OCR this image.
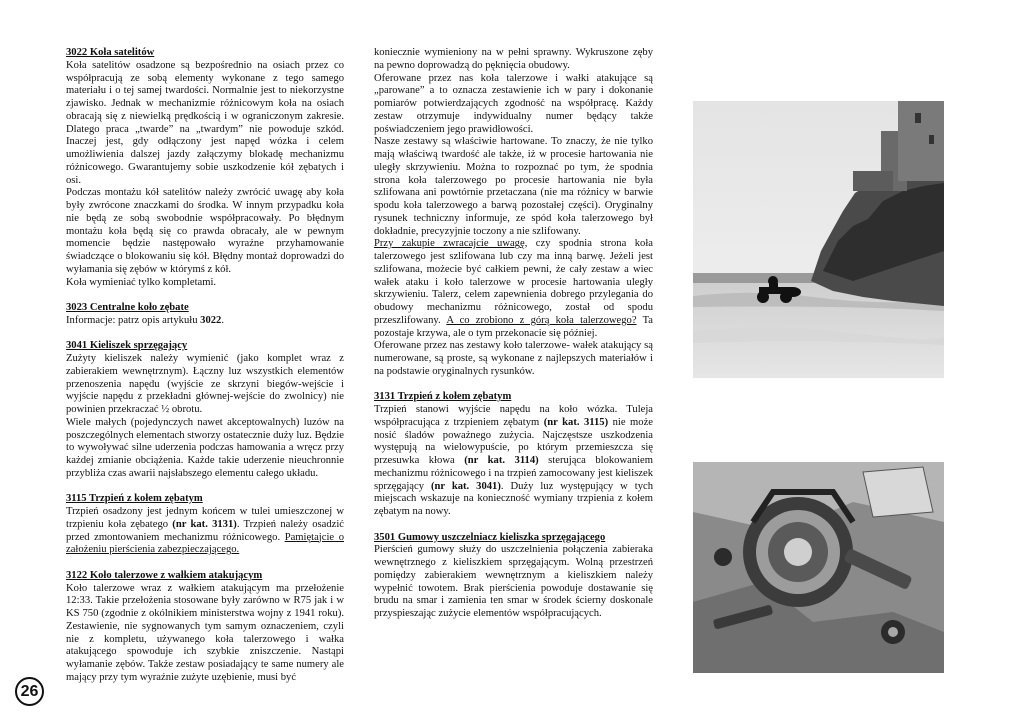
3022 Koła satelitów

Koła satelitów osadzone są bezpośrednio na osiach przez co współpracują ze sobą elementy wykonane z tego samego materiału i o tej samej twardości. Normalnie jest to niekorzystne zjawisko. Jednak w mechanizmie różnicowym koła na osiach obracają się z niewielką prędkością i w ograniczonym zakresie. Dlatego praca „twarde” na „twardym” nie powoduje szkód. Inaczej jest, gdy odłączony jest napęd wózka i celem umożliwienia dalszej jazdy załączymy blokadę mechanizmu różnicowego. Gwarantujemy sobie uszkodzenie kół zębatych i osi.

Podczas montażu kół satelitów należy zwrócić uwagę aby koła były zwrócone znaczkami do środka. W innym przypadku koła nie będą ze sobą swobodnie współpracowały. Po błędnym montażu koła będą się co prawda obracały, ale w pewnym momencie będzie następowało wyraźne przyhamowanie świadczące o blokowaniu się kół. Błędny montaż doprowadzi do wyłamania się zębów w którymś z kół.

Koła wymieniać tylko kompletami.

3023 Centralne koło zębate

Informacje: patrz opis artykułu 3022.

3041 Kieliszek sprzęgający

Zużyty kieliszek należy wymienić (jako komplet wraz z zabierakiem wewnętrznym). Łączny luz wszystkich elementów przenoszenia napędu (wyjście ze skrzyni biegów-wejście i wyjście napędu z przekładni głównej-wejście do zwolnicy) nie powinien przekraczać ½ obrotu.

Wiele małych (pojedynczych nawet akceptowalnych) luzów na poszczególnych elementach stworzy ostatecznie duży luz. Będzie to wywoływać silne uderzenia podczas hamowania a wręcz przy każdej zmianie obciążenia. Każde takie uderzenie nieuchronnie przybliża czas awarii najsłabszego elementu całego układu.

3115 Trzpień z kołem zębatym

Trzpień osadzony jest jednym końcem w tulei umieszczonej w trzpieniu koła zębatego (nr kat. 3131). Trzpień należy osadzić przed zmontowaniem mechanizmu różnicowego. Pamiętajcie o założeniu pierścienia zabezpieczającego.

3122 Koło talerzowe z wałkiem atakującym

Koło talerzowe wraz z wałkiem atakującym ma przełożenie 12:33. Takie przełożenia stosowane były zarówno w R75 jak i w KS 750 (zgodnie z okólnikiem ministerstwa wojny z 1941 roku). Zestawienie, nie sygnowanych tym samym oznaczeniem, czyli nie z kompletu, używanego koła talerzowego i wałka atakującego spowoduje ich szybkie zniszczenie. Nastąpi wyłamanie zębów. Także zestaw posiadający te same numery ale mający przy tym wyraźnie zużyte uzębienie, musi być

koniecznie wymieniony na w pełni sprawny. Wykruszone zęby na pewno doprowadzą do pęknięcia obudowy.

Oferowane przez nas koła talerzowe i wałki atakujące są „parowane” a to oznacza zestawienie ich w pary i dokonanie pomiarów potwierdzających zgodność na współpracę. Każdy zestaw otrzymuje indywidualny numer będący także poświadczeniem jego prawidłowości.

Nasze zestawy są właściwie hartowane. To znaczy, że nie tylko mają właściwą twardość ale także, iż w procesie hartowania nie uległy skrzywieniu. Można to rozpoznać po tym, że spodnia strona koła talerzowego po procesie hartowania nie była szlifowana ani powtórnie przetaczana (nie ma różnicy w barwie spodu koła talerzowego a barwą pozostałej części). Oryginalny rysunek techniczny informuje, ze spód koła talerzowego był dokładnie, precyzyjnie toczony a nie szlifowany.

Przy zakupie zwracajcie uwagę, czy spodnia strona koła talerzowego jest szlifowana lub czy ma inną barwę. Jeżeli jest szlifowana, możecie być całkiem pewni, że cały zestaw a wiec wałek ataku i koło talerzowe w procesie hartowania uległy skrzywieniu. Talerz, celem zapewnienia dobrego przylegania do obudowy mechanizmu różnicowego, został od spodu przeszlifowany. A co zrobiono z górą koła talerzowego? Ta pozostaje krzywa, ale o tym przekonacie się później.

Oferowane przez nas zestawy koło talerzowe- wałek atakujący są numerowane, są proste, są wykonane z najlepszych materiałów i na podstawie oryginalnych rysunków.

3131 Trzpień z kołem zębatym

Trzpień stanowi wyjście napędu na koło wózka. Tuleja współpracująca z trzpieniem zębatym (nr kat. 3115) nie może nosić śladów poważnego zużycia. Najczęstsze uszkodzenia występują na wielowypuście, po którym przemieszcza się przesuwka kłowa (nr kat. 3114) sterująca blokowaniem mechanizmu różnicowego i na trzpień zamocowany jest kieliszek sprzęgający (nr kat. 3041). Duży luz występujący w tych miejscach wskazuje na konieczność wymiany trzpienia z kołem zębatym na nowy.

3501 Gumowy uszczelniacz kieliszka sprzęgającego

Pierścień gumowy służy do uszczelnienia połączenia zabieraka wewnętrznego z kieliszkiem sprzęgającym. Wolną przestrzeń pomiędzy zabierakiem wewnętrznym a kieliszkiem należy wypełnić towotem. Brak pierścienia powoduje dostawanie się brudu na smar i zamienia ten smar w środek ścierny doskonale przyspieszając zużycie elementów współpracujących.

26
